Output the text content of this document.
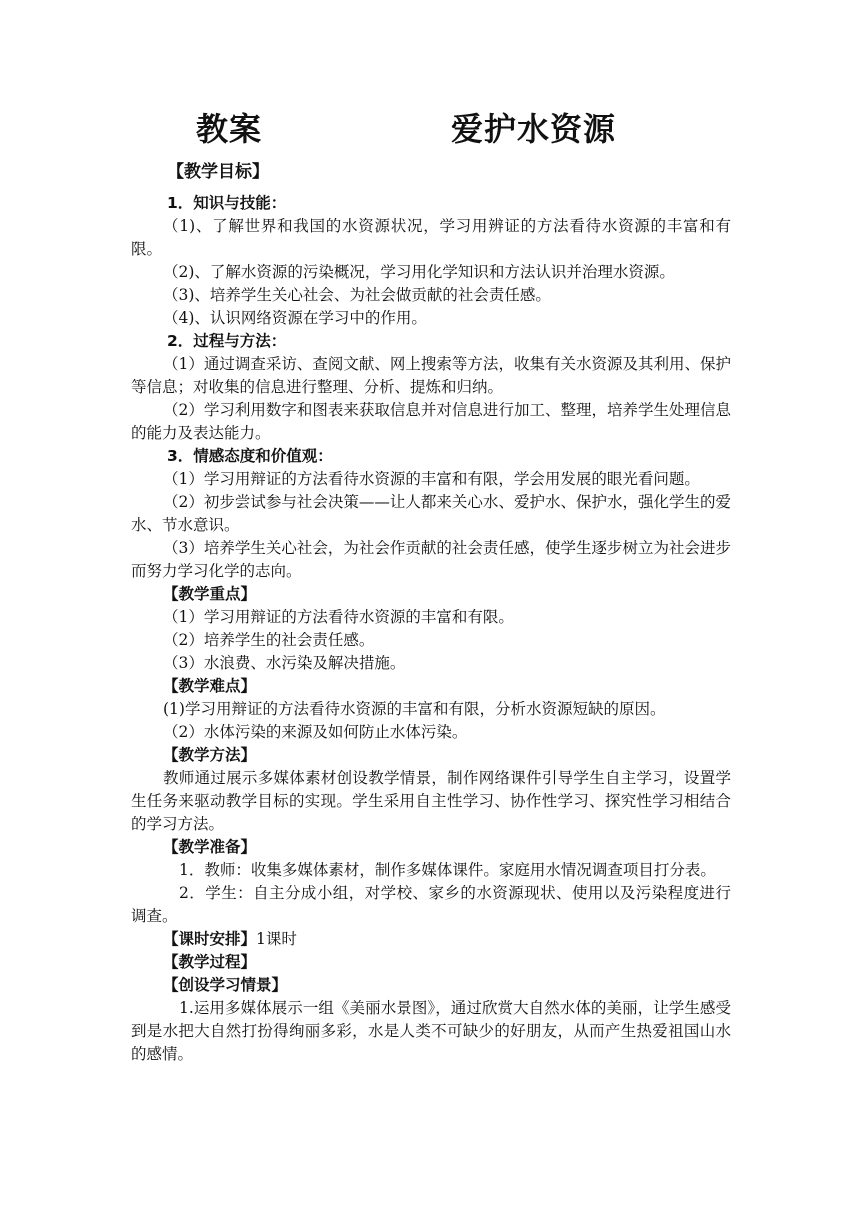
教案	爱护水资源

【教学目标】

1．知识与技能：

（1)、了解世界和我国的水资源状况，学习用辨证的方法看待水资源的丰富和有限。

（2)、了解水资源的污染概况，学习用化学知识和方法认识并治理水资源。

（3)、培养学生关心社会、为社会做贡献的社会责任感。

（4)、认识网络资源在学习中的作用。

2．过程与方法：

（1）通过调查采访、查阅文献、网上搜索等方法，收集有关水资源及其利用、保护等信息；对收集的信息进行整理、分析、提炼和归纳。

（2）学习利用数字和图表来获取信息并对信息进行加工、整理，培养学生处理信息的能力及表达能力。

3．情感态度和价值观：

（1）学习用辩证的方法看待水资源的丰富和有限，学会用发展的眼光看问题。

（2）初步尝试参与社会决策——让人都来关心水、爱护水、保护水，强化学生的爱水、节水意识。

（3）培养学生关心社会，为社会作贡献的社会责任感，使学生逐步树立为社会进步而努力学习化学的志向。

【教学重点】

（1）学习用辩证的方法看待水资源的丰富和有限。

（2）培养学生的社会责任感。

（3）水浪费、水污染及解决措施。

【教学难点】

(1)学习用辩证的方法看待水资源的丰富和有限，分析水资源短缺的原因。

（2）水体污染的来源及如何防止水体污染。

【教学方法】

教师通过展示多媒体素材创设教学情景，制作网络课件引导学生自主学习，设置学生任务来驱动教学目标的实现。学生采用自主性学习、协作性学习、探究性学习相结合的学习方法。

【教学准备】

1．教师：收集多媒体素材，制作多媒体课件。家庭用水情况调查项目打分表。

2．学生：自主分成小组，对学校、家乡的水资源现状、使用以及污染程度进行调查。

【课时安排】1课时

【教学过程】

【创设学习情景】

1.运用多媒体展示一组《美丽水景图》，通过欣赏大自然水体的美丽，让学生感受到是水把大自然打扮得绚丽多彩，水是人类不可缺少的好朋友，从而产生热爱祖国山水的感情。
